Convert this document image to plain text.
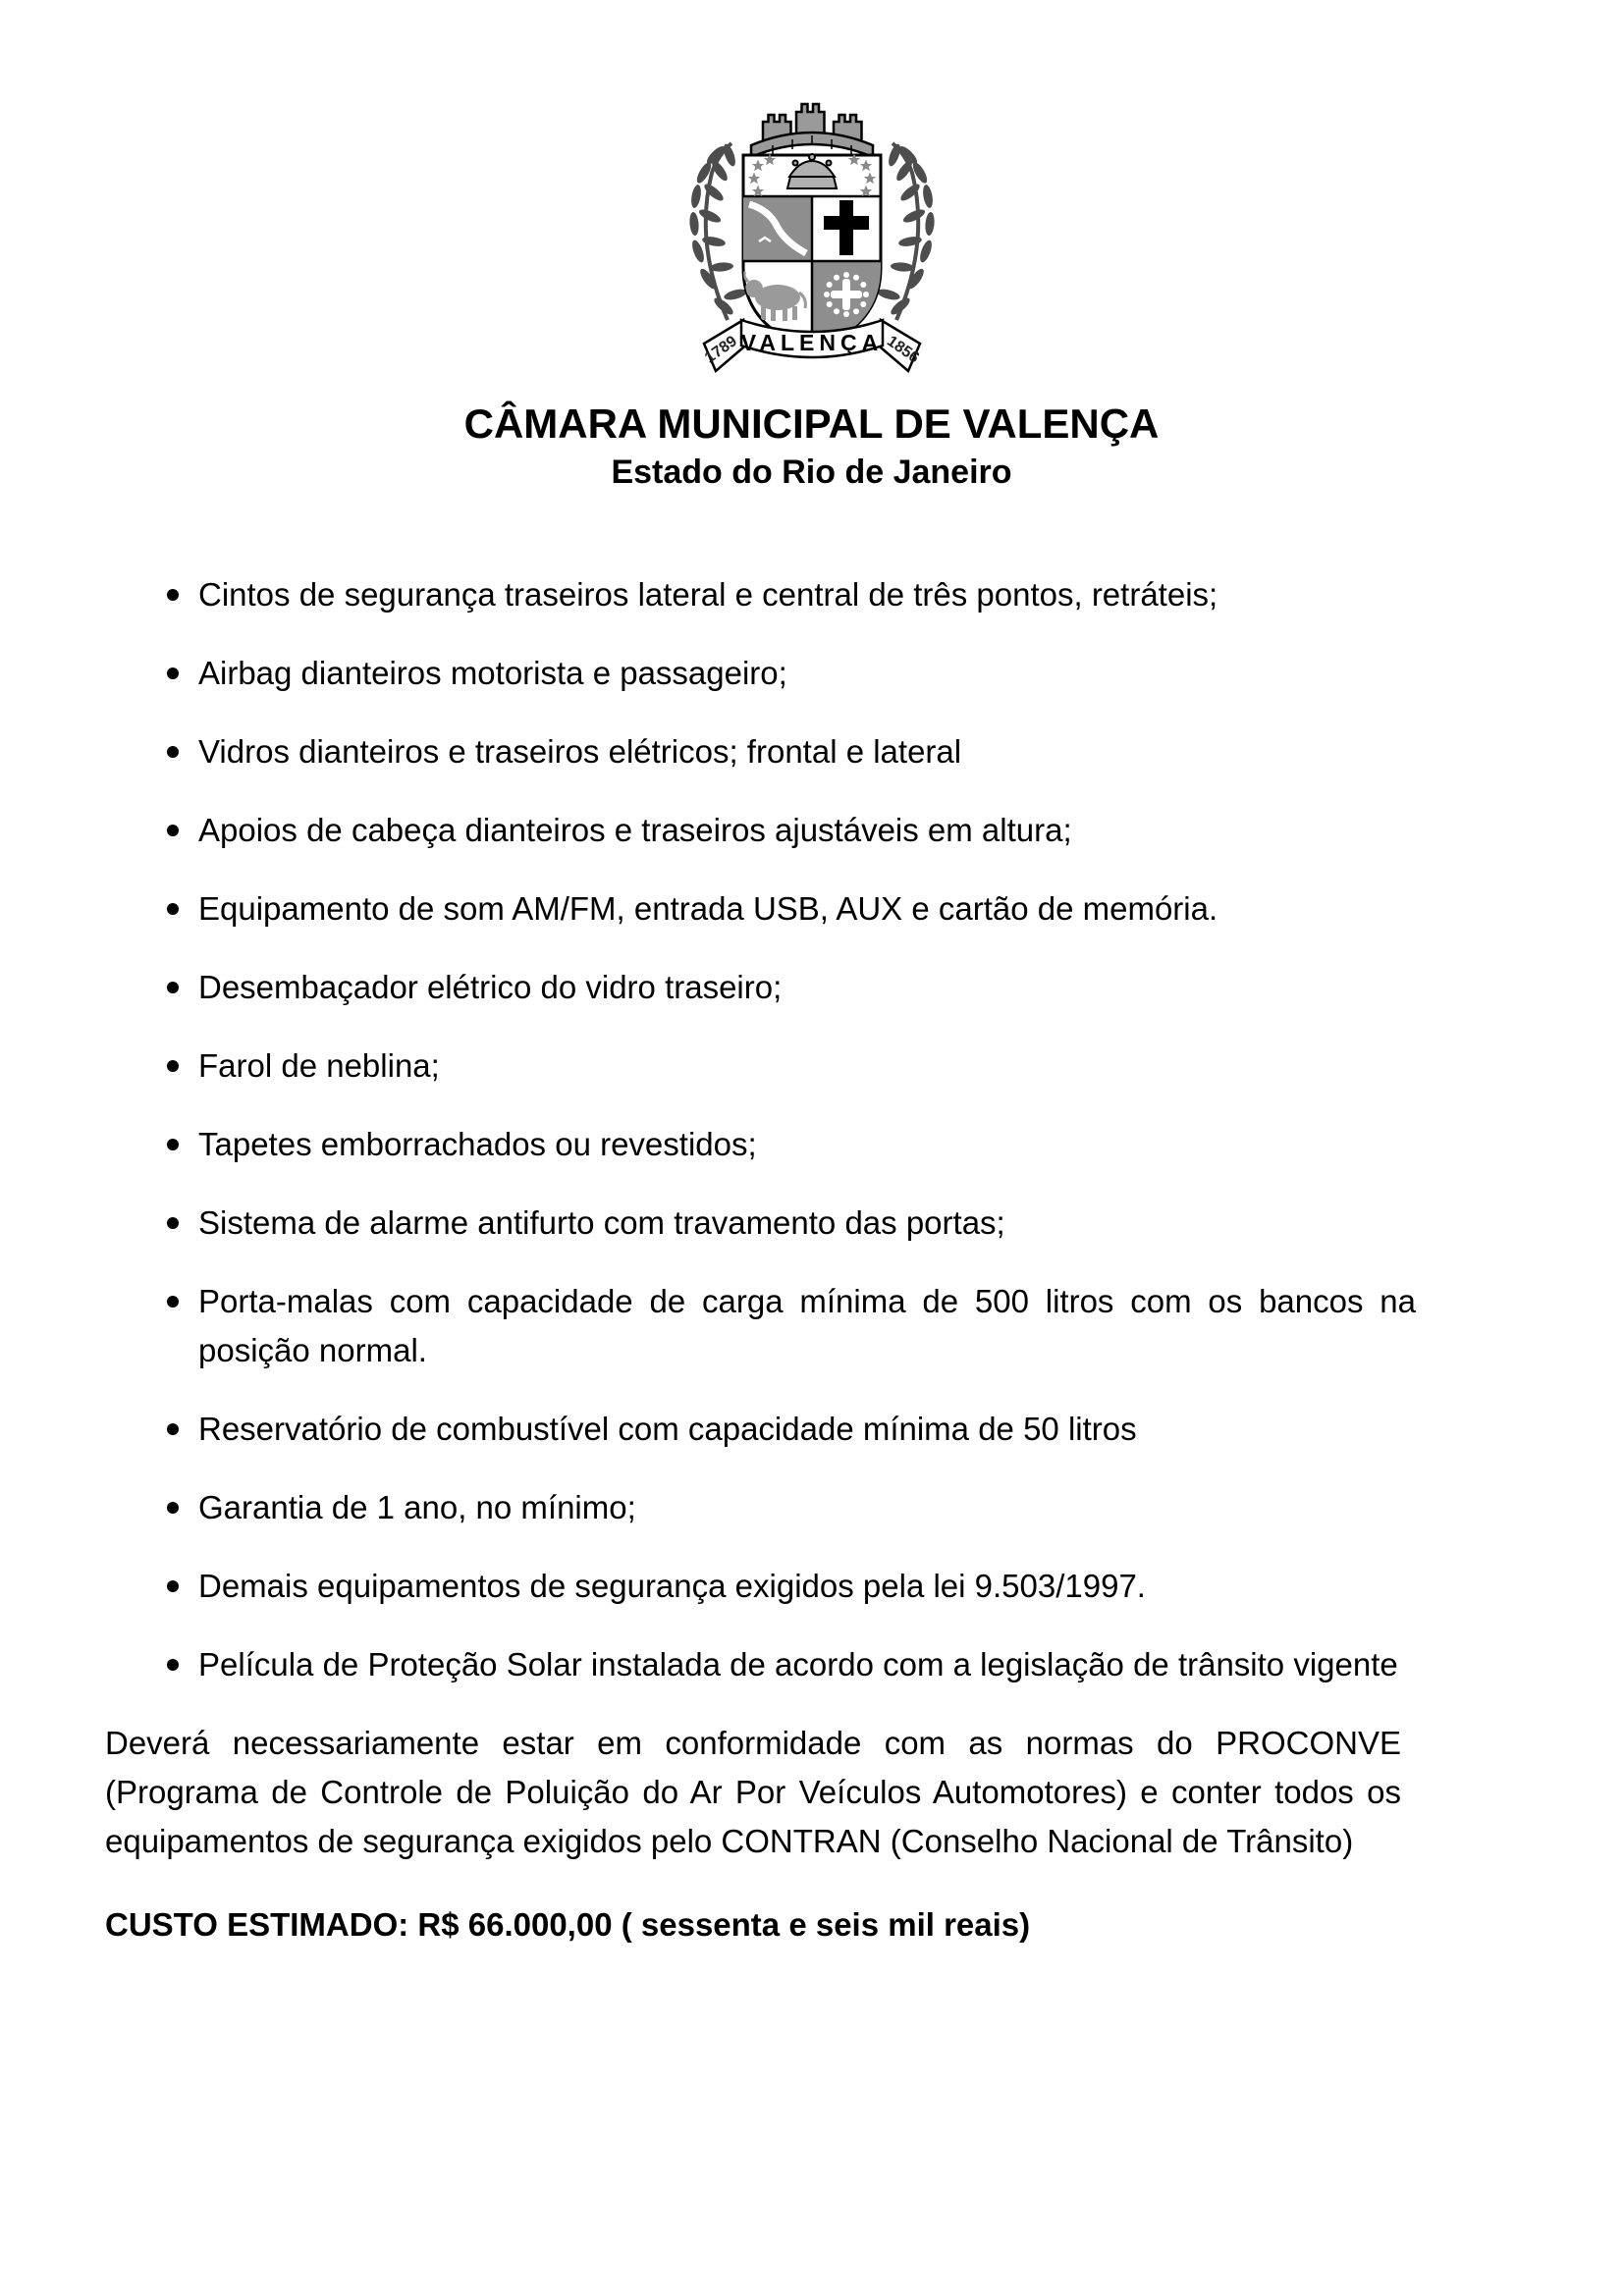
1789	1856
VALENÇA
CÂMARA MUNICIPAL DE VALENÇA
Estado do Rio de Janeiro
Cintos de segurança traseiros lateral e central de três pontos, retráteis;
Airbag dianteiros motorista e passageiro;
Vidros dianteiros e traseiros elétricos; frontal e lateral
Apoios de cabeça dianteiros e traseiros ajustáveis em altura;
Equipamento de som AM/FM, entrada USB, AUX e cartão de memória.
Desembaçador elétrico do vidro traseiro;
Farol de neblina;
Tapetes emborrachados ou revestidos;
Sistema de alarme antifurto com travamento das portas;
Porta-malas com capacidade de carga mínima de 500 litros com os bancos na posição normal.
Reservatório de combustível com capacidade mínima de 50 litros
Garantia de 1 ano, no mínimo;
Demais equipamentos de segurança exigidos pela lei 9.503/1997.
Película de Proteção Solar instalada de acordo com a legislação de trânsito vigente

Deverá necessariamente estar em conformidade com as normas do PROCONVE (Programa de Controle de Poluição do Ar Por Veículos Automotores) e conter todos os equipamentos de segurança exigidos pelo CONTRAN (Conselho Nacional de Trânsito)

CUSTO ESTIMADO: R$ 66.000,00 ( sessenta e seis mil reais)
